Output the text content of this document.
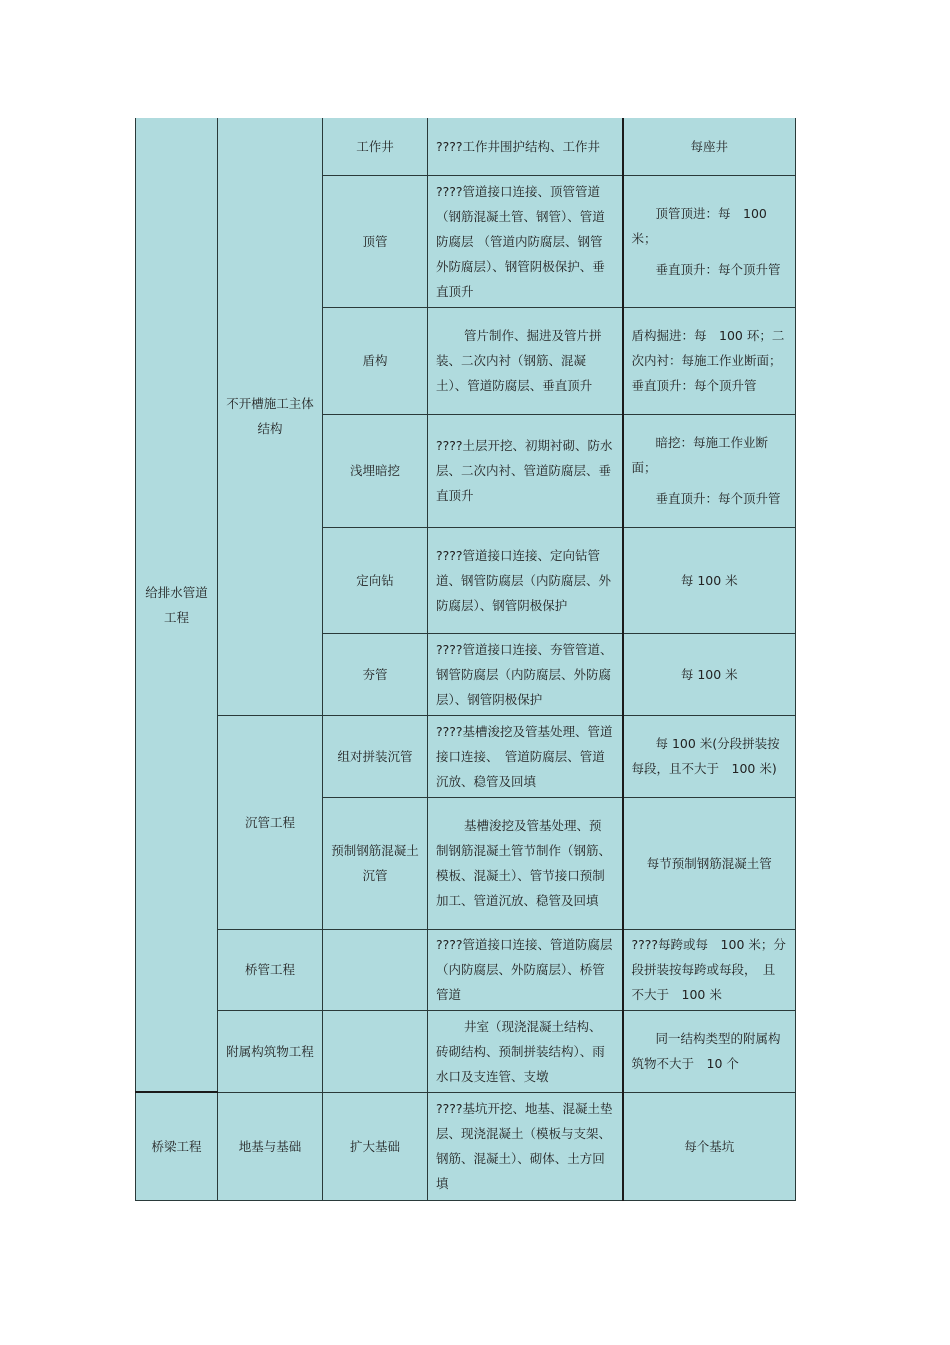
给排水管道工程	不开槽施工主体结构	工作井	????工作井围护结构、工作井	每座井
		顶管	????管道接口连接、顶管管道（钢筋混凝土管、钢管）、管道防腐层 （管道内防腐层、钢管外防腐层）、钢管阴极保护、垂直顶升	顶管顶进：每　100米；
垂直顶升：每个顶升管

		盾构	管片制作、掘进及管片拼装、二次内衬（钢筋、混凝土）、管道防腐层、垂直顶升	盾构掘进：每　100 环；二次内衬：每施工作业断面；垂直顶升：每个顶升管
		浅埋暗挖	????土层开挖、初期衬砌、防水层、二次内衬、管道防腐层、垂直顶升	暗挖：每施工作业断面；
垂直顶升：每个顶升管

		定向钻	????管道接口连接、定向钻管道、钢管防腐层（内防腐层、外防腐层）、钢管阴极保护	每 100 米
		夯管	????管道接口连接、夯管管道、钢管防腐层（内防腐层、外防腐层）、钢管阴极保护	每 100 米
	沉管工程	组对拼装沉管	????基槽浚挖及管基处理、管道接口连接、　管道防腐层、管道沉放、稳管及回填	每 100 米(分段拼装按每段，且不大于　100 米)
		预制钢筋混凝土沉管	基槽浚挖及管基处理、预制钢筋混凝土管节制作（钢筋、模板、混凝土）、管节接口预制加工、管道沉放、稳管及回填	每节预制钢筋混凝土管
	桥管工程		????管道接口连接、管道防腐层（内防腐层、外防腐层）、桥管管道	????每跨或每　100 米；分段拼装按每跨或每段，　且不大于　100 米
	附属构筑物工程		井室（现浇混凝土结构、砖砌结构、预制拼装结构）、雨水口及支连管、支墩	同一结构类型的附属构筑物不大于　10 个
桥梁工程	地基与基础	扩大基础	????基坑开挖、地基、混凝土垫层、现浇混凝土（模板与支架、钢筋、混凝土）、砌体、土方回填	每个基坑
